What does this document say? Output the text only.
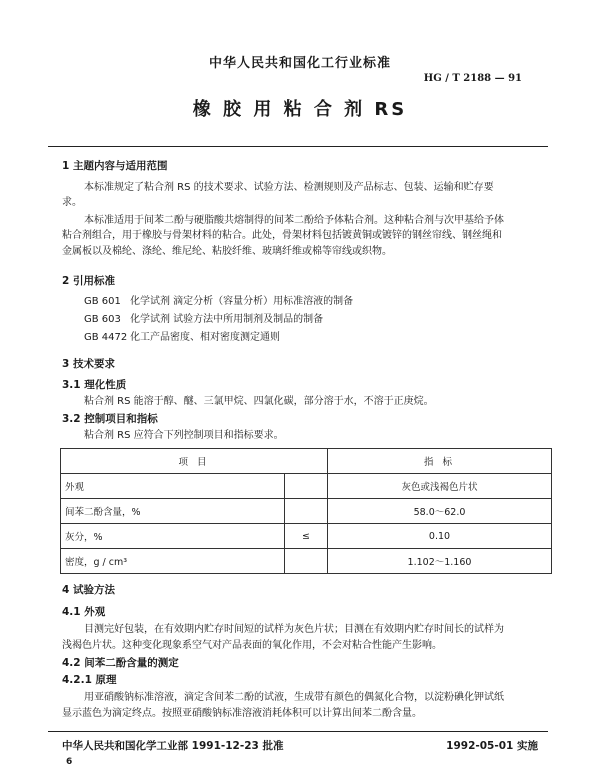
中华人民共和国化工行业标准
HG / T 2188 — 91
橡 胶 用 粘 合 剂 RS
1 主题内容与适用范围
本标准规定了粘合剂 RS 的技术要求、试验方法、检测规则及产品标志、包装、运输和贮存要
求。
本标准适用于间苯二酚与硬脂酸共熔制得的间苯二酚给予体粘合剂。这种粘合剂与次甲基给予体
粘合剂组合，用于橡胶与骨架材料的粘合。此处，骨架材料包括镀黄铜或镀锌的钢丝帘线、钢丝绳和
金属板以及棉纶、涤纶、维尼纶、粘胶纤维、玻璃纤维或棉等帘线或织物。
2 引用标准
GB 601 化学试剂 滴定分析（容量分析）用标准溶液的制备
GB 603 化学试剂 试验方法中所用制剂及制品的制备
GB 4472 化工产品密度、相对密度测定通则
3 技术要求
3.1 理化性质
粘合剂 RS 能溶于醇、醚、三氯甲烷、四氯化碳，部分溶于水，不溶于正庚烷。
3.2 控制项目和指标
粘合剂 RS 应符合下列控制项目和指标要求。
项 目		指 标
外观		灰色或浅褐色片状
间苯二酚含量，%		58.0～62.0
灰分，%	≤	0.10
密度，g / cm³		1.102～1.160
4 试验方法
4.1 外观
目测完好包装，在有效期内贮存时间短的试样为灰色片状；目测在有效期内贮存时间长的试样为
浅褐色片状。这种变化现象系空气对产品表面的氧化作用，不会对粘合性能产生影响。
4.2 间苯二酚含量的测定
4.2.1 原理
用亚硝酸钠标准溶液，滴定含间苯二酚的试液，生成带有颜色的偶氮化合物，以淀粉碘化钾试纸
显示蓝色为滴定终点。按照亚硝酸钠标准溶液消耗体积可以计算出间苯二酚含量。
中华人民共和国化学工业部 1991-12-23 批准	1992-05-01 实施
6
